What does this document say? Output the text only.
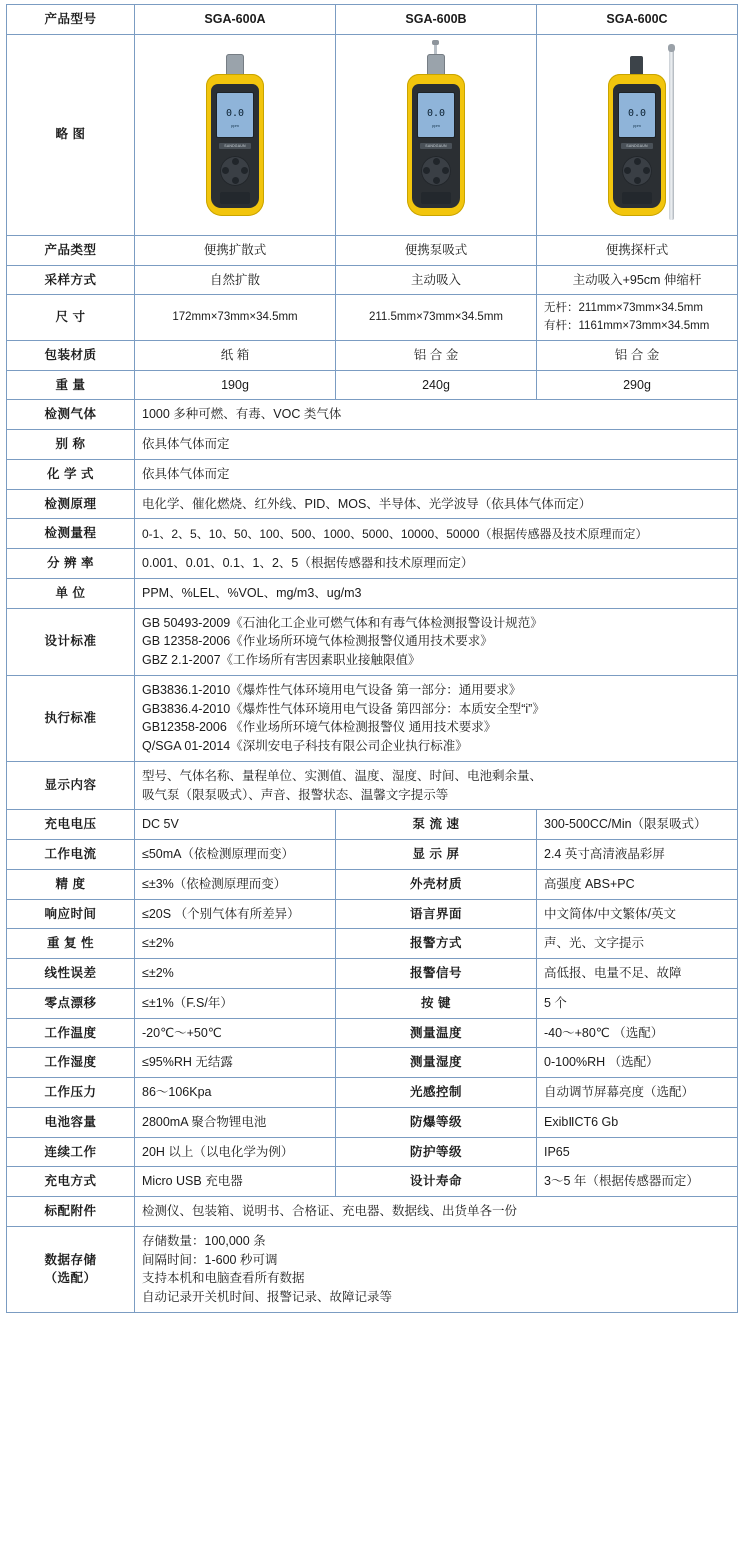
产品型号	SGA-600A	SGA-600B	SGA-600C
略 图	
0.0
ppm
SANDGAUN

0.0
ppm
SANDGAUN

0.0
ppm
SANDGAUN

产品类型	便携扩散式	便携泵吸式	便携探杆式
采样方式	自然扩散	主动吸入	主动吸入+95cm 伸缩杆
尺 寸	172mm×73mm×34.5mm	211.5mm×73mm×34.5mm	无杆：211mm×73mm×34.5mm
有杆：1161mm×73mm×34.5mm

包装材质	纸 箱	铝 合 金	铝 合 金
重 量	190g	240g	290g
检测气体	1000 多种可燃、有毒、VOC 类气体		
别 称	依具体气体而定		
化 学 式	依具体气体而定		
检测原理	电化学、催化燃烧、红外线、PID、MOS、半导体、光学波导（依具体气体而定）		
检测量程	0-1、2、5、10、50、100、500、1000、5000、10000、50000（根据传感器及技术原理而定）		
分 辨 率	0.001、0.01、0.1、1、2、5（根据传感器和技术原理而定）		
单 位	PPM、%LEL、%VOL、mg/m3、ug/m3		
设计标准	GB 50493-2009《石油化工企业可燃气体和有毒气体检测报警设计规范》
GB 12358-2006《作业场所环境气体检测报警仪通用技术要求》
GBZ 2.1-2007《工作场所有害因素职业接触限值》		

执行标准	GB3836.1-2010《爆炸性气体环境用电气设备 第一部分：通用要求》
GB3836.4-2010《爆炸性气体环境用电气设备 第四部分：本质安全型“i”》
GB12358-2006 《作业场所环境气体检测报警仪 通用技术要求》
Q/SGA 01-2014《深圳安电子科技有限公司企业执行标准》		

显示内容	型号、气体名称、量程单位、实测值、温度、湿度、时间、电池剩余量、
吸气泵（限泵吸式）、声音、报警状态、温馨文字提示等		

充电电压	DC 5V	泵 流 速	300-500CC/Min（限泵吸式）
工作电流	≤50mA（依检测原理而变）	显 示 屏	2.4 英寸高清液晶彩屏
精 度	≤±3%（依检测原理而变）	外壳材质	高强度 ABS+PC
响应时间	≤20S （个别气体有所差异）	语言界面	中文简体/中文繁体/英文
重 复 性	≤±2%	报警方式	声、光、文字提示
线性误差	≤±2%	报警信号	高低报、电量不足、故障
零点漂移	≤±1%（F.S/年）	按 键	5 个
工作温度	-20℃～+50℃	测量温度	-40～+80℃ （选配）
工作湿度	≤95%RH 无结露	测量湿度	0-100%RH （选配）
工作压力	86～106Kpa	光感控制	自动调节屏幕亮度（选配）
电池容量	2800mA 聚合物锂电池	防爆等级	ExibⅡCT6 Gb
连续工作	20H 以上（以电化学为例）	防护等级	IP65
充电方式	Micro USB 充电器	设计寿命	3～5 年（根据传感器而定）
标配附件	检测仪、包装箱、说明书、合格证、充电器、数据线、出货单各一份		

数据存储
（选配）	存储数量：100,000 条
间隔时间：1-600 秒可调
支持本机和电脑查看所有数据
自动记录开关机时间、报警记录、故障记录等		
